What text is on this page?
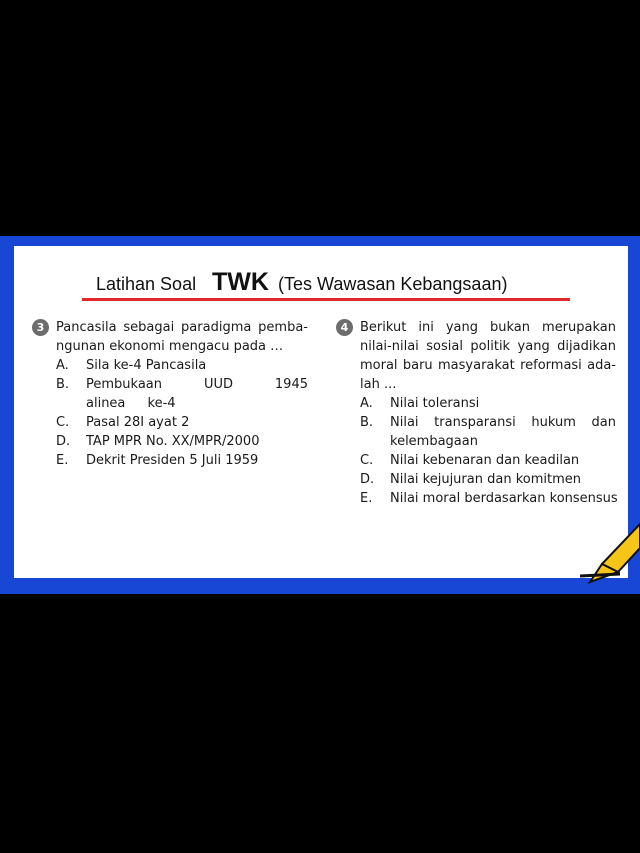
Latihan Soal TWK (Tes Wawasan Kebangsaan)
3 Pancasila sebagai paradigma pemba-
ngunan ekonomi mengacu pada …
A.	Sila ke-4 Pancasila
B.	Pembukaan UUD 1945 alinea ke-4
C.	Pasal 28I ayat 2
D.	TAP MPR No. XX/MPR/2000
E.	Dekrit Presiden 5 Juli 1959
4 Berikut ini yang bukan merupakan
nilai-nilai sosial politik yang dijadikan
moral baru masyarakat reformasi ada-
lah ...
A.	Nilai toleransi
B.	Nilai transparansi hukum dan kelembagaan
C.	Nilai kebenaran dan keadilan
D.	Nilai kejujuran dan komitmen
E.	Nilai moral berdasarkan konsensus
